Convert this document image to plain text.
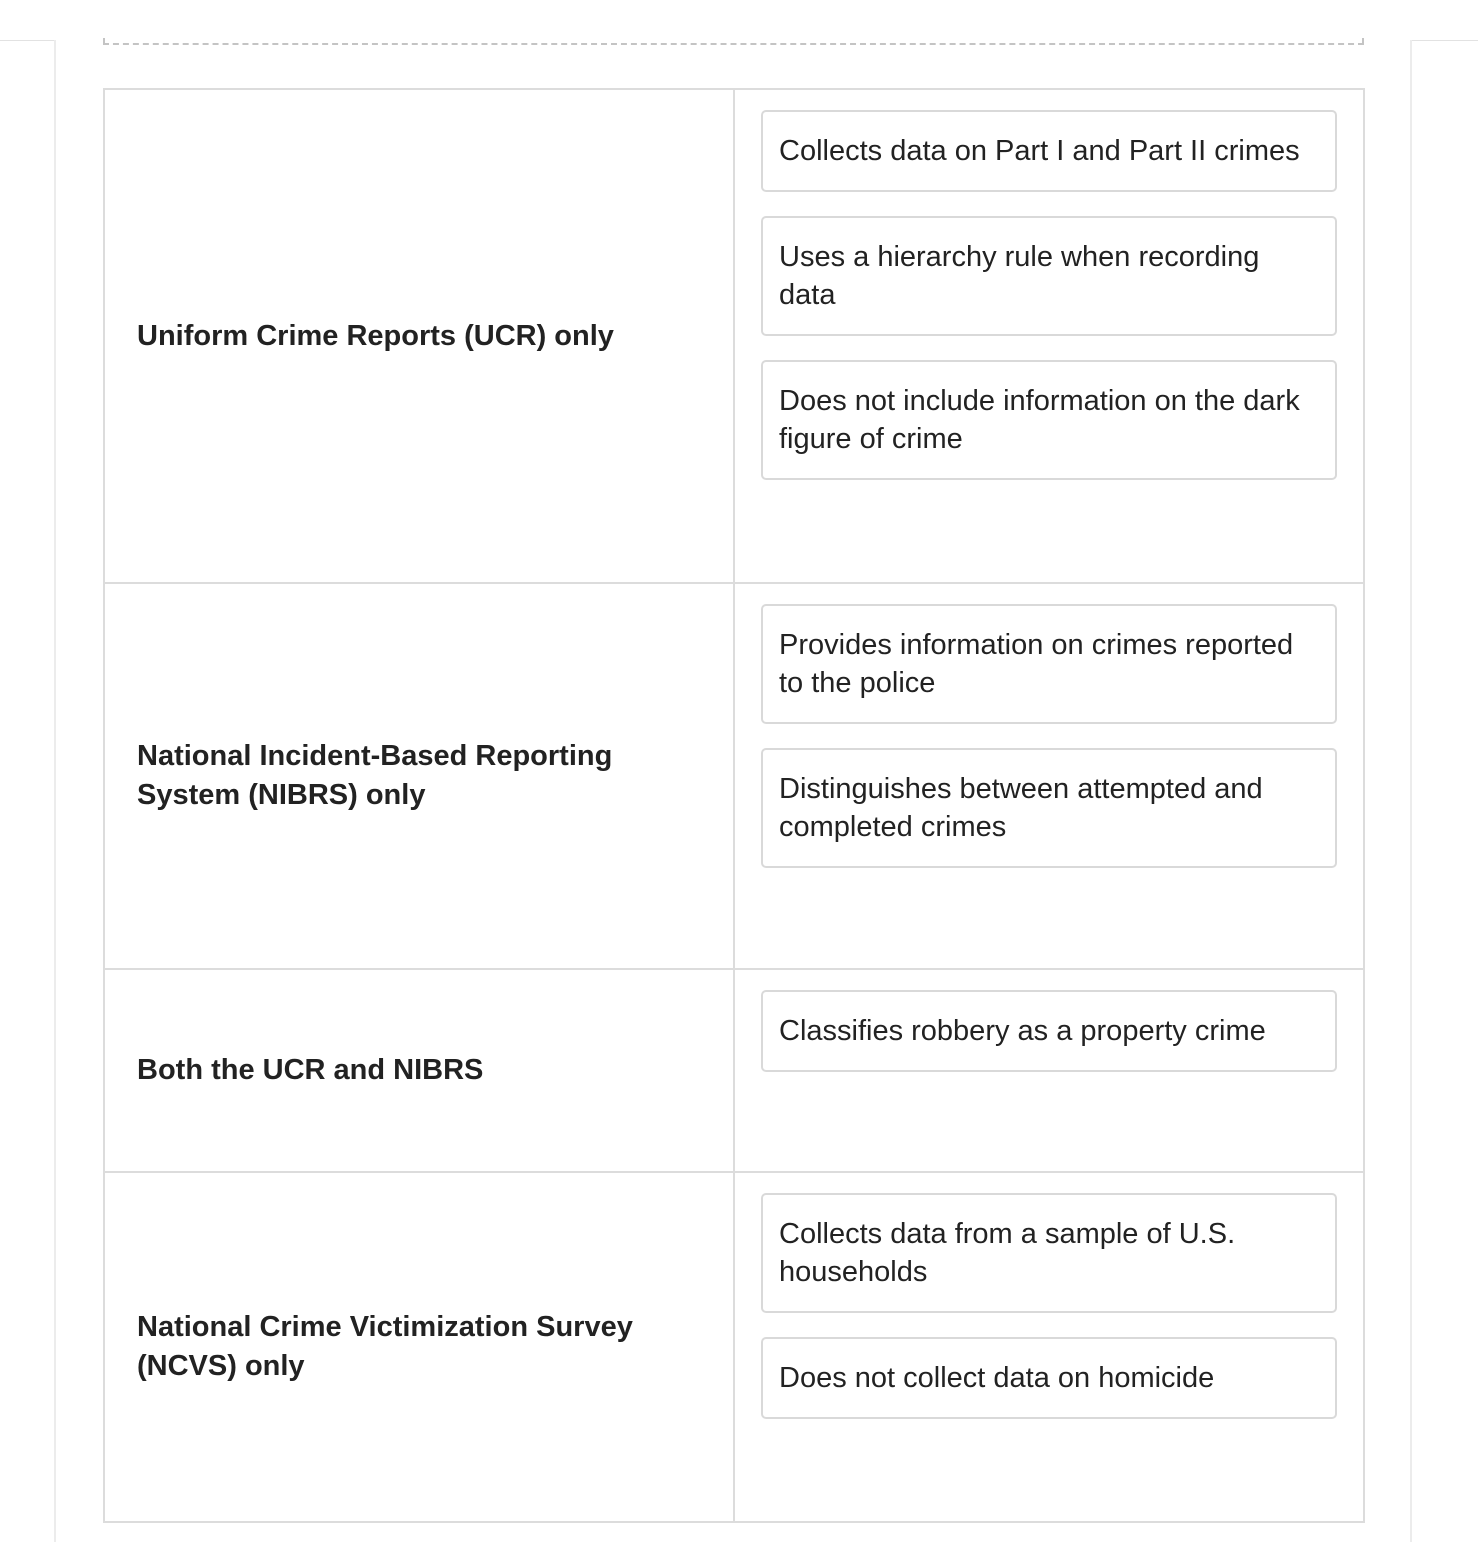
Uniform Crime Reports (UCR) only	Collects data on Part I and Part II crimes
Uses a hierarchy rule when recording data
Does not include information on the dark figure of crime

National Incident-Based Reporting System (NIBRS) only	Provides information on crimes reported to the police
Distinguishes between attempted and completed crimes

Both the UCR and NIBRS	Classifies robbery as a property crime

National Crime Victimization Survey (NCVS) only	Collects data from a sample of U.S. households
Does not collect data on homicide
